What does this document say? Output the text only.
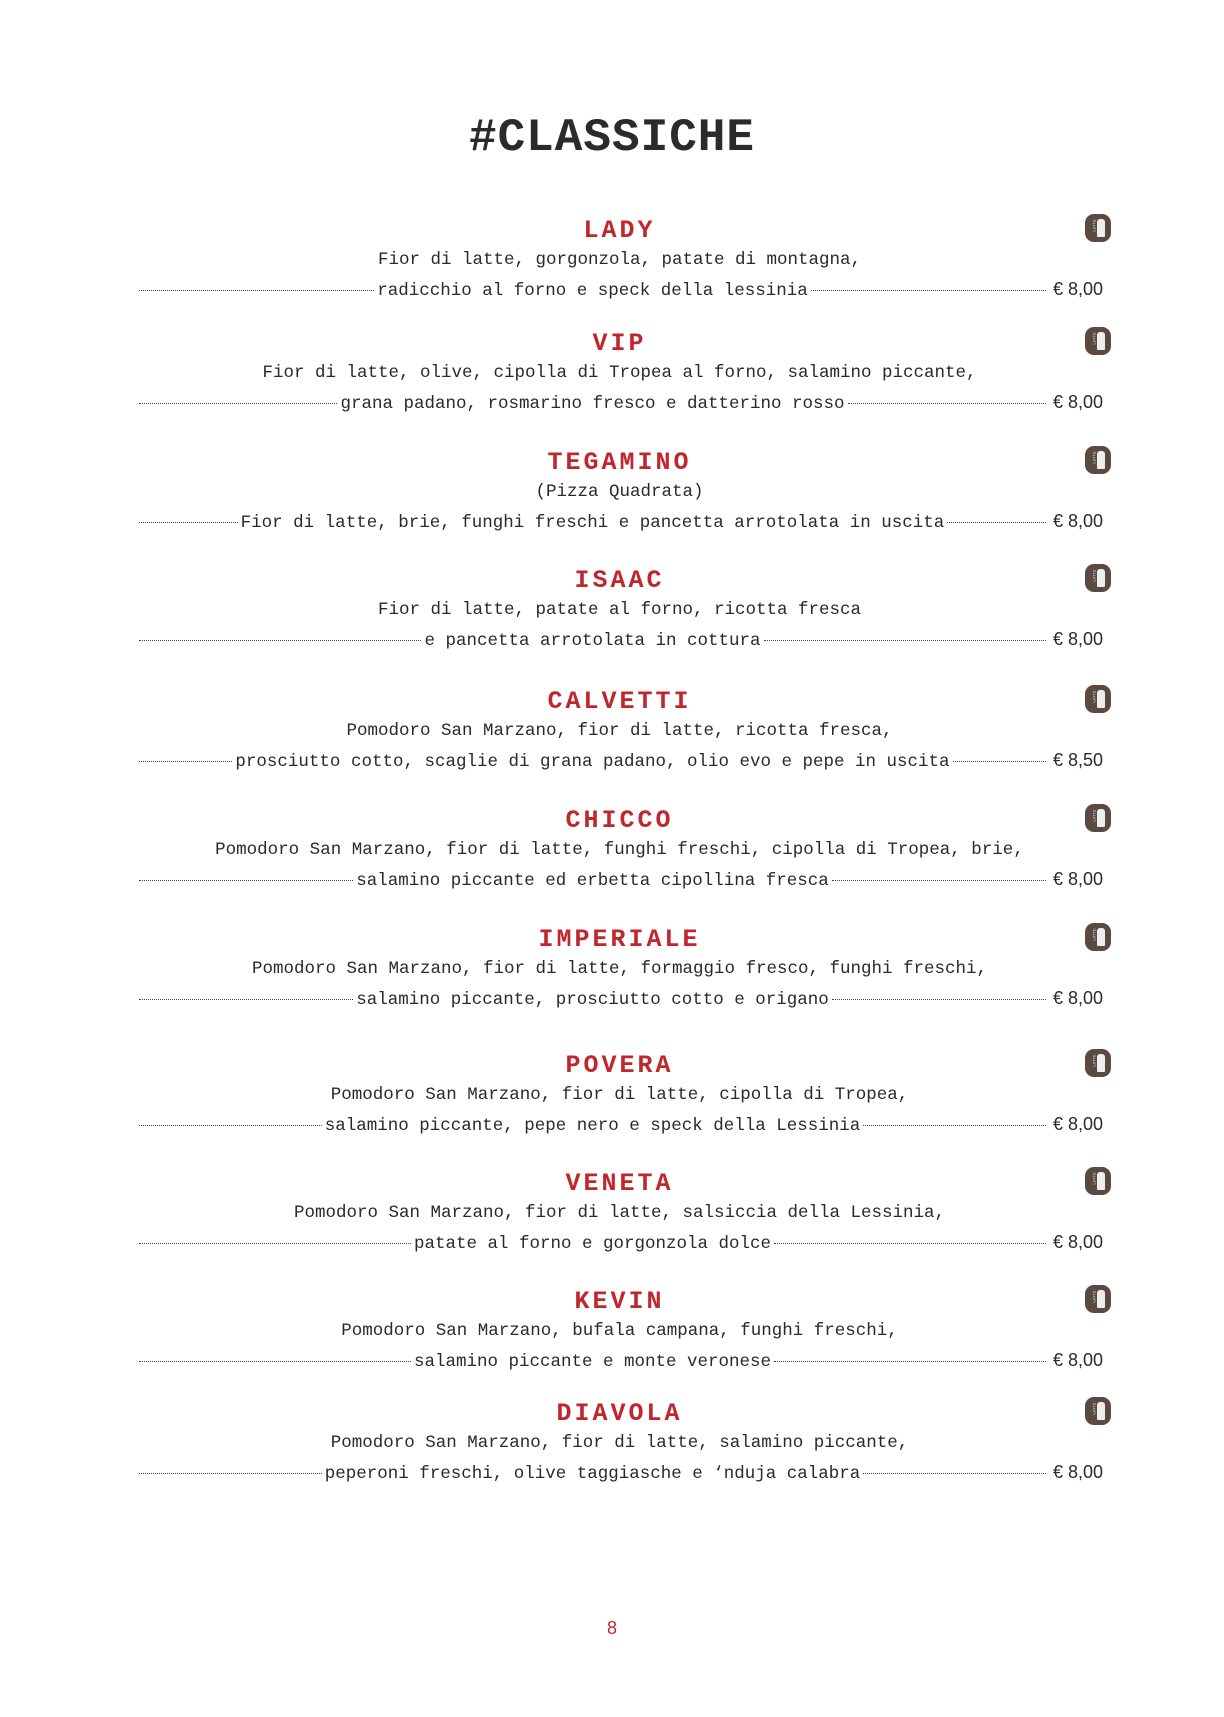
#CLASSICHE
LADY	LATTE
Fior di latte, gorgonzola, patate di montagna,
radicchio al forno e speck della lessinia	€ 8,00
VIP	LATTE
Fior di latte, olive, cipolla di Tropea al forno, salamino piccante,
grana padano, rosmarino fresco e datterino rosso	€ 8,00
TEGAMINO	LATTE
(Pizza Quadrata)
Fior di latte, brie, funghi freschi e pancetta arrotolata in uscita	€ 8,00
ISAAC	LATTE
Fior di latte, patate al forno, ricotta fresca
e pancetta arrotolata in cottura	€ 8,00
CALVETTI	LATTE
Pomodoro San Marzano, fior di latte, ricotta fresca,
prosciutto cotto, scaglie di grana padano, olio evo e pepe in uscita	€ 8,50
CHICCO	LATTE
Pomodoro San Marzano, fior di latte, funghi freschi, cipolla di Tropea, brie,
salamino piccante ed erbetta cipollina fresca	€ 8,00
IMPERIALE	LATTE
Pomodoro San Marzano, fior di latte, formaggio fresco, funghi freschi,
salamino piccante, prosciutto cotto e origano	€ 8,00
POVERA	LATTE
Pomodoro San Marzano, fior di latte, cipolla di Tropea,
salamino piccante, pepe nero e speck della Lessinia	€ 8,00
VENETA	LATTE
Pomodoro San Marzano, fior di latte, salsiccia della Lessinia,
patate al forno e gorgonzola dolce	€ 8,00
KEVIN	LATTE
Pomodoro San Marzano, bufala campana, funghi freschi,
salamino piccante e monte veronese	€ 8,00
DIAVOLA	LATTE
Pomodoro San Marzano, fior di latte, salamino piccante,
peperoni freschi, olive taggiasche e ‘nduja calabra	€ 8,00
8
